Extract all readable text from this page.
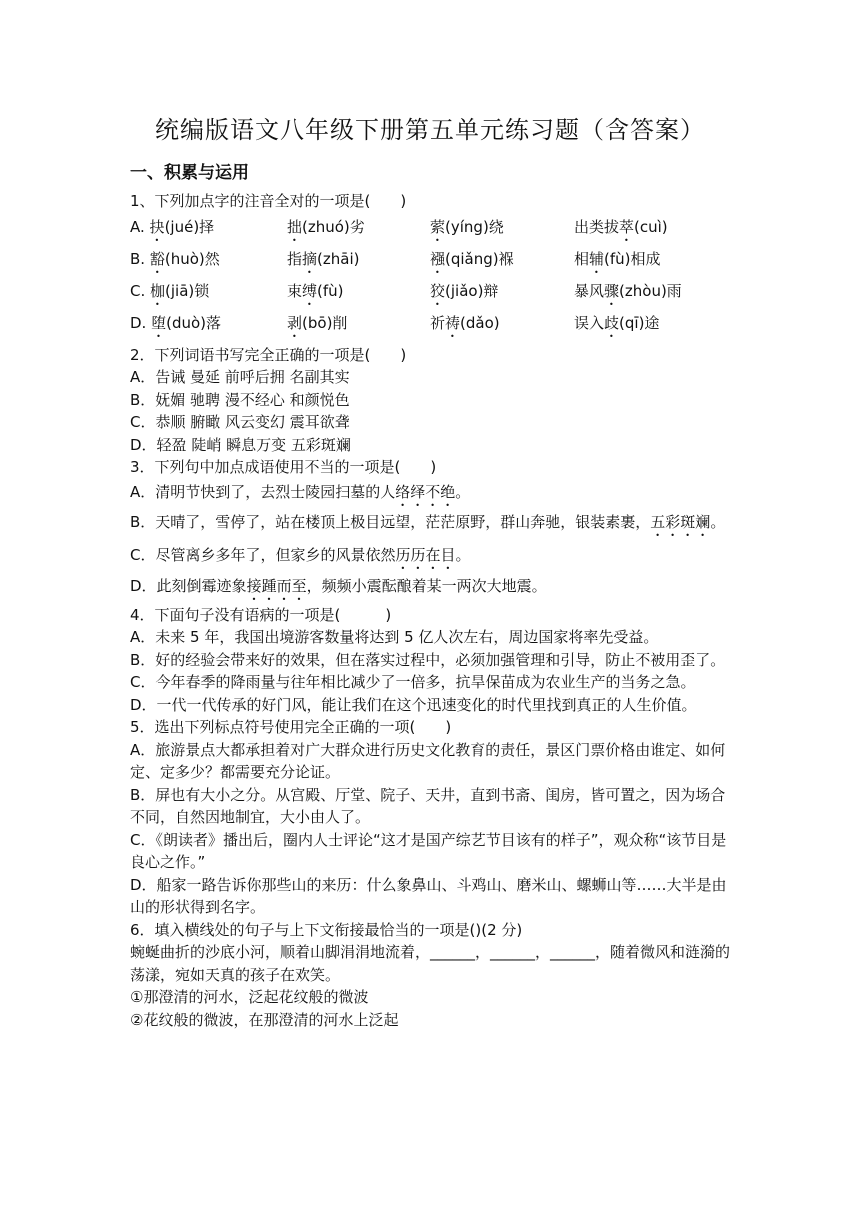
统编版语文八年级下册第五单元练习题（含答案）
一、积累与运用
1、下列加点字的注音全对的一项是(　　)
A. 抉(jué)择	拙(zhuó)劣	萦(yíng)绕	出类拔萃(cuì)
B. 豁(huò)然	指摘(zhāi)	襁(qiǎng)褓	相辅(fù)相成
C. 枷(jiā)锁	束缚(fù)	狡(jiǎo)辩	暴风骤(zhòu)雨
D. 堕(duò)落	剥(bō)削	祈祷(dǎo)	误入歧(qī)途
2．下列词语书写完全正确的一项是(　　)
A．告诫 曼延 前呼后拥 名副其实
B．妩媚 驰聘 漫不经心 和颜悦色
C．恭顺 腑瞰 风云变幻 震耳欲聋
D．轻盈 陡峭 瞬息万变 五彩斑斓
3．下列句中加点成语使用不当的一项是(　　)
A．清明节快到了，去烈士陵园扫墓的人络绎不绝。
B．天晴了，雪停了，站在楼顶上极目远望，茫茫原野，群山奔驰，银装素裹，五彩斑斓。
C．尽管离乡多年了，但家乡的风景依然历历在目。
D．此刻倒霉迹象接踵而至，频频小震酝酿着某一两次大地震。
4．下面句子没有语病的一项是(　　　)
A．未来 5 年，我国出境游客数量将达到 5 亿人次左右，周边国家将率先受益。
B．好的经验会带来好的效果，但在落实过程中，必须加强管理和引导，防止不被用歪了。
C．今年春季的降雨量与往年相比减少了一倍多，抗旱保苗成为农业生产的当务之急。
D．一代一代传承的好门风，能让我们在这个迅速变化的时代里找到真正的人生价值。
5．选出下列标点符号使用完全正确的一项(　　)
A．旅游景点大都承担着对广大群众进行历史文化教育的责任，景区门票价格由谁定、如何定、定多少？都需要充分论证。
B．屏也有大小之分。从宫殿、厅堂、院子、天井，直到书斋、闺房，皆可置之，因为场合不同，自然因地制宜，大小由人了。
C．《朗读者》播出后，圈内人士评论“这才是国产综艺节目该有的样子”，观众称“该节目是良心之作。”
D．船家一路告诉你那些山的来历：什么象鼻山、斗鸡山、磨米山、螺蛳山等……大半是由山的形状得到名字。
6．填入横线处的句子与上下文衔接最恰当的一项是()(2 分)
蜿蜒曲折的沙底小河，顺着山脚涓涓地流着，______，______，______，随着微风和涟漪的荡漾，宛如天真的孩子在欢笑。
①那澄清的河水，泛起花纹般的微波
②花纹般的微波，在那澄清的河水上泛起
